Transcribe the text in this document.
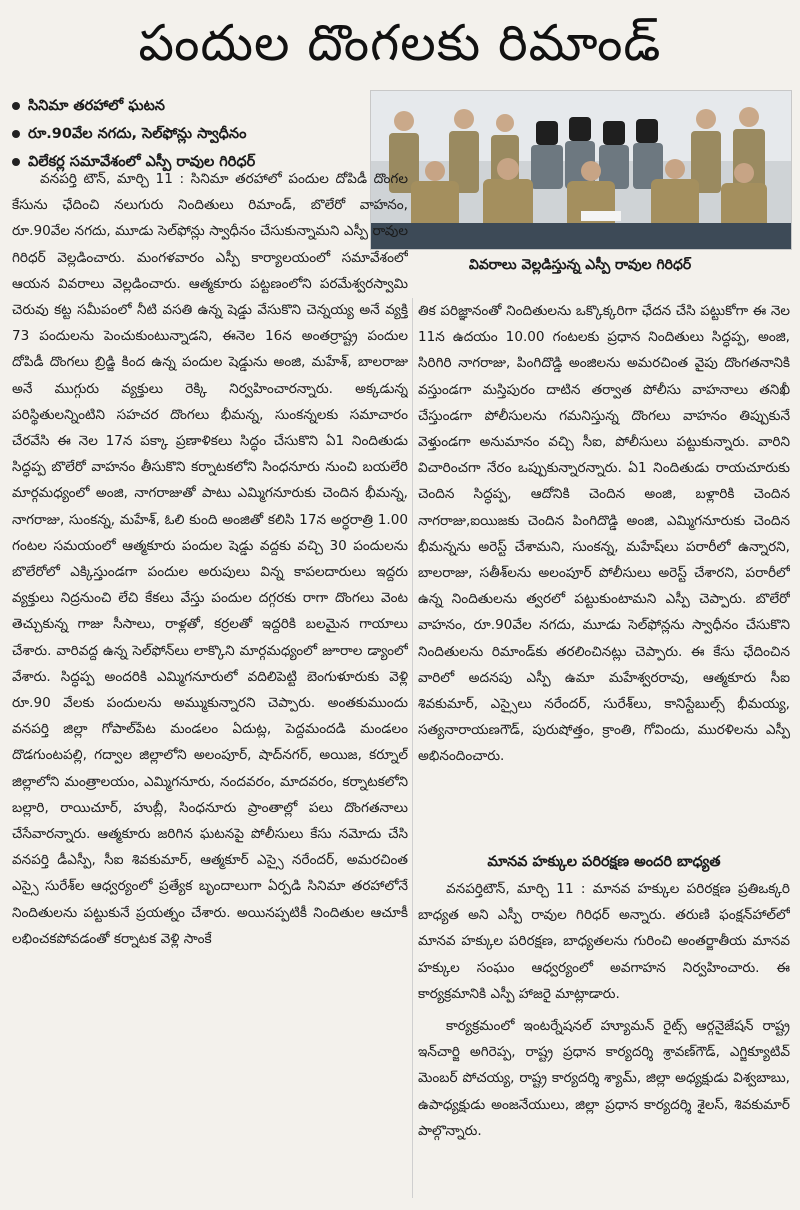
పందుల దొంగలకు రిమాండ్
సినిమా తరహాలో ఘటన
రూ.90వేల నగదు, సెల్‌ఫోన్లు స్వాధీనం
విలేకర్ల సమావేశంలో ఎస్పీ రావుల గిరిధర్
వివరాలు వెల్లడిస్తున్న ఎస్పీ రావుల గిరిధర్

వనపర్తి టౌన్, మార్చి 11 : సినిమా తరహాలో పందుల దోపిడీ దొంగల కేసును ఛేదించి నలుగురు నిందితులు రిమాండ్, బొలేరో వాహనం, రూ.90వేల నగదు, మూడు సెల్‌ఫోన్లు స్వాధీనం చేసుకున్నామని ఎస్పీ రావుల గిరిధర్ వెల్లడించారు. మంగళవారం ఎస్పీ కార్యాలయంలో సమావేశంలో ఆయన వివరాలు వెల్లడించారు. ఆత్మకూరు పట్టణంలోని పరమేశ్వరస్వామి చెరువు కట్ట సమీపంలో నీటి వసతి ఉన్న షెడ్డు వేసుకొని చెన్నయ్య అనే వ్యక్తి 73 పందులను పెంచుకుంటున్నాడని, ఈనెల 16న అంతర్రాష్ట్ర పందుల దోపిడీ దొంగలు బ్రిడ్జి కింద ఉన్న పందుల షెడ్డును అంజి, మహేశ్, బాలరాజు అనే ముగ్గురు వ్యక్తులు రెక్కి నిర్వహించారన్నారు. అక్కడున్న పరిస్థితులన్నింటిని సహచర దొంగలు భీమన్న, సుంకన్నలకు సమాచారం చేరవేసి ఈ నెల 17న పక్కా ప్రణాళికలు సిద్ధం చేసుకొని ఏ1 నిందితుడు సిద్ధప్ప బొలేరో వాహనం తీసుకొని కర్నాటకలోని సింధనూరు నుంచి బయలేరి మార్గమధ్యంలో అంజి, నాగరాజుతో పాటు ఎమ్మిగనూరుకు చెందిన భీమన్న, నాగరాజు, సుంకన్న, మహేశ్, ఓలి కుంది అంజితో కలిసి 17న అర్ధరాత్రి 1.00 గంటల సమయంలో ఆత్మకూరు పందుల షెడ్డు వద్దకు వచ్చి 30 పందులను బొలేరోలో ఎక్కిస్తుండగా పందుల అరుపులు విన్న కాపలదారులు ఇద్దరు వ్యక్తులు నిద్రనుంచి లేచి కేకలు వేస్తు పందుల దగ్గరకు రాగా దొంగలు వెంట తెచ్చుకున్న గాజు సీసాలు, రాళ్లతో, కర్రలతో ఇద్దరికి బలమైన గాయాలు చేశారు. వారివద్ద ఉన్న సెల్‌ఫోన్‌లు లాక్కొని మార్గమధ్యంలో జూరాల డ్యాంలో వేశారు. సిద్ధప్ప అందరికి ఎమ్మిగనూరులో వదిలిపెట్టి బెంగుళూరుకు వెళ్లి రూ.90 వేలకు పందులను అమ్ముకున్నారని చెప్పారు. అంతకుముందు వనపర్తి జిల్లా గోపాల్‌పేట మండలం ఏదుట్ల, పెద్దమందడి మండలం దొడగుంటపల్లి, గద్వాల జిల్లాలోని అలంపూర్, షాద్‌నగర్, అయిజ, కర్నూల్ జిల్లాలోని మంత్రాలయం, ఎమ్మిగనూరు, నందవరం, మాదవరం, కర్నాటకలోని బల్లారి, రాయిచూర్, హుబ్లీ, సింధనూరు ప్రాంతాల్లో పలు దొంగతనాలు చేసేవారన్నారు. ఆత్మకూరు జరిగిన ఘటనపై పోలీసులు కేసు నమోదు చేసి వనపర్తి డీఎస్పీ, సీఐ శివకుమార్, ఆత్మకూర్ ఎస్సై నరేందర్, అమరచింత ఎస్సై సురేశ్‌ల ఆధ్వర్యంలో ప్రత్యేక బృందాలుగా ఏర్పడి సినిమా తరహాలోనే నిందితులను పట్టుకునే ప్రయత్నం చేశారు. అయినప్పటికీ నిందితుల ఆచూకీ లభించకపోవడంతో కర్నాటక వెళ్లి సాంకే

తిక పరిజ్ఞానంతో నిందితులను ఒక్కొక్కరిగా ఛేదన చేసి పట్టుకోగా ఈ నెల 11న ఉదయం 10.00 గంటలకు ప్రధాన నిందితులు సిద్ధప్ప, అంజి, సిరిగిరి నాగరాజు, పింగిదొడ్డి అంజిలను అమరచింత వైపు దొంగతనానికి వస్తుండగా మస్తిపురం దాటిన తర్వాత పోలీసు వాహనాలు తనిఖీ చేస్తుండగా పోలీసులను గమనిస్తున్న దొంగలు వాహనం తిప్పుకునే వెళ్తుండగా అనుమానం వచ్చి సీఐ, పోలీసులు పట్టుకున్నారు. వారిని విచారించగా నేరం ఒప్పుకున్నారన్నారు. ఏ1 నిందితుడు రాయచూరుకు చెందిన సిద్ధప్ప, ఆదోనికి చెందిన అంజి, బళ్లారికి చెందిన నాగరాజు,ఐయిజకు చెందిన పింగిదొడ్డి అంజి, ఎమ్మిగనూరుకు చెందిన భీమన్నను అరెస్ట్ చేశామని, సుంకన్న, మహేష్‌లు పరారీలో ఉన్నారని, బాలరాజు, సతీశ్‌లను అలంపూర్ పోలీసులు అరెస్ట్ చేశారని, పరారీలో ఉన్న నిందితులను త్వరలో పట్టుకుంటామని ఎస్పీ చెప్పారు. బొలేరో వాహనం, రూ.90వేల నగదు, మూడు సెల్‌ఫోన్లను స్వాధీనం చేసుకొని నిందితులను రిమాండ్‌కు తరలించినట్లు చెప్పారు. ఈ కేసు ఛేదించిన వారిలో అదనపు ఎస్పీ ఉమా మహేశ్వరరావు, ఆత్మకూరు సీఐ శివకుమార్, ఎస్సైలు నరేందర్, సురేశ్‌లు, కానిస్టేబుల్స్ భీమయ్య, సత్యనారాయణగౌడ్, పురుషోత్తం, క్రాంతి, గోవిందు, మురళిలను ఎస్పీ అభినందించారు.

మానవ హక్కుల పరిరక్షణ అందరి బాధ్యత

వనపర్తిటౌన్, మార్చి 11 : మానవ హక్కుల పరిరక్షణ ప్రతిఒక్కరి బాధ్యత అని ఎస్పీ రావుల గిరిధర్ అన్నారు. తరుణి ఫంక్షన్‌హాల్‌లో మానవ హక్కుల పరిరక్షణ, బాధ్యతలను గురించి అంతర్జాతీయ మానవ హక్కుల సంఘం ఆధ్వర్యంలో అవగాహన నిర్వహించారు. ఈ కార్యక్రమానికి ఎస్పీ హాజరై మాట్లాడారు.

కార్యక్రమంలో ఇంటర్నేషనల్ హ్యూమన్ రైట్స్ ఆర్గనైజేషన్ రాష్ట్ర ఇన్‌చార్జి అగిరెప్ప, రాష్ట్ర ప్రధాన కార్యదర్శి శ్రావణ్‌గౌడ్, ఎగ్జిక్యూటివ్ మెంబర్ పోచయ్య, రాష్ట్ర కార్యదర్శి శ్యామ్, జిల్లా అధ్యక్షుడు విశ్వబాబు, ఉపాధ్యక్షుడు అంజనేయులు, జిల్లా ప్రధాన కార్యదర్శి శైలస్, శివకుమార్ పాల్గొన్నారు.
